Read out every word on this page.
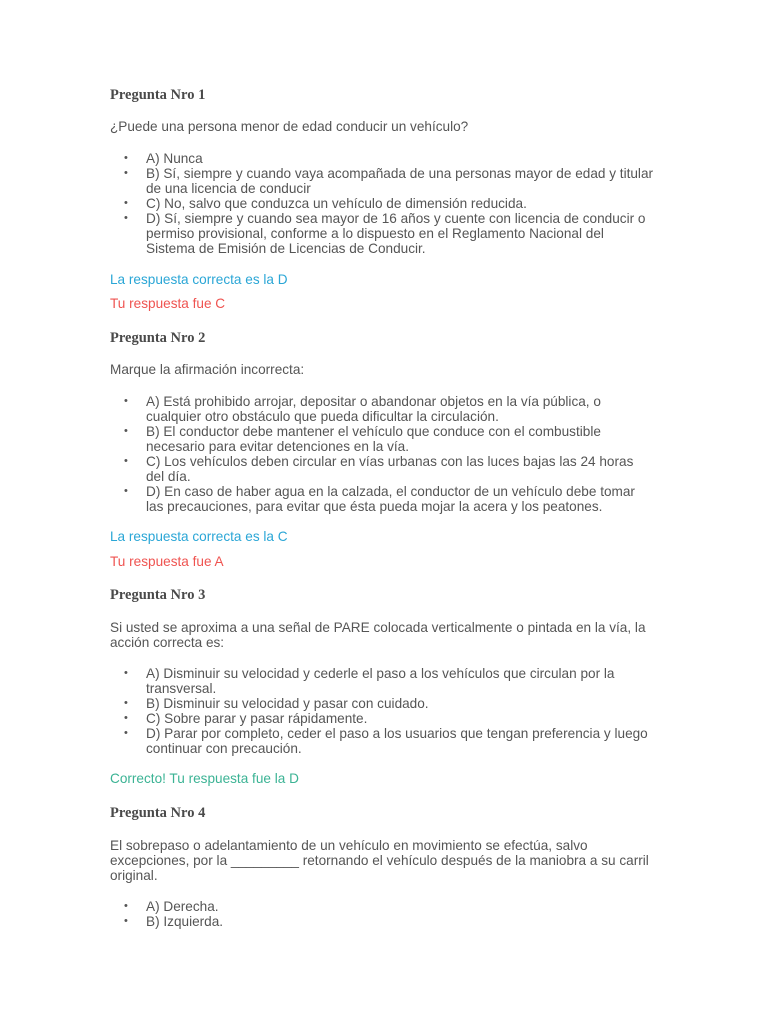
Pregunta Nro 1

¿Puede una persona menor de edad conducir un vehículo?

• A) Nunca
• B) Sí, siempre y cuando vaya acompañada de una personas mayor de edad y titular de una licencia de conducir
• C) No, salvo que conduzca un vehículo de dimensión reducida.
• D) Sí, siempre y cuando sea mayor de 16 años y cuente con licencia de conducir o permiso provisional, conforme a lo dispuesto en el Reglamento Nacional del Sistema de Emisión de Licencias de Conducir.

La respuesta correcta es la D

Tu respuesta fue C

Pregunta Nro 2

Marque la afirmación incorrecta:

• A) Está prohibido arrojar, depositar o abandonar objetos en la vía pública, o cualquier otro obstáculo que pueda dificultar la circulación.
• B) El conductor debe mantener el vehículo que conduce con el combustible necesario para evitar detenciones en la vía.
• C) Los vehículos deben circular en vías urbanas con las luces bajas las 24 horas del día.
• D) En caso de haber agua en la calzada, el conductor de un vehículo debe tomar las precauciones, para evitar que ésta pueda mojar la acera y los peatones.

La respuesta correcta es la C

Tu respuesta fue A

Pregunta Nro 3

Si usted se aproxima a una señal de PARE colocada verticalmente o pintada en la vía, la acción correcta es:

• A) Disminuir su velocidad y cederle el paso a los vehículos que circulan por la transversal.
• B) Disminuir su velocidad y pasar con cuidado.
• C) Sobre parar y pasar rápidamente.
• D) Parar por completo, ceder el paso a los usuarios que tengan preferencia y luego continuar con precaución.

Correcto! Tu respuesta fue la D

Pregunta Nro 4

El sobrepaso o adelantamiento de un vehículo en movimiento se efectúa, salvo excepciones, por la _________ retornando el vehículo después de la maniobra a su carril original.

• A) Derecha.
• B) Izquierda.
